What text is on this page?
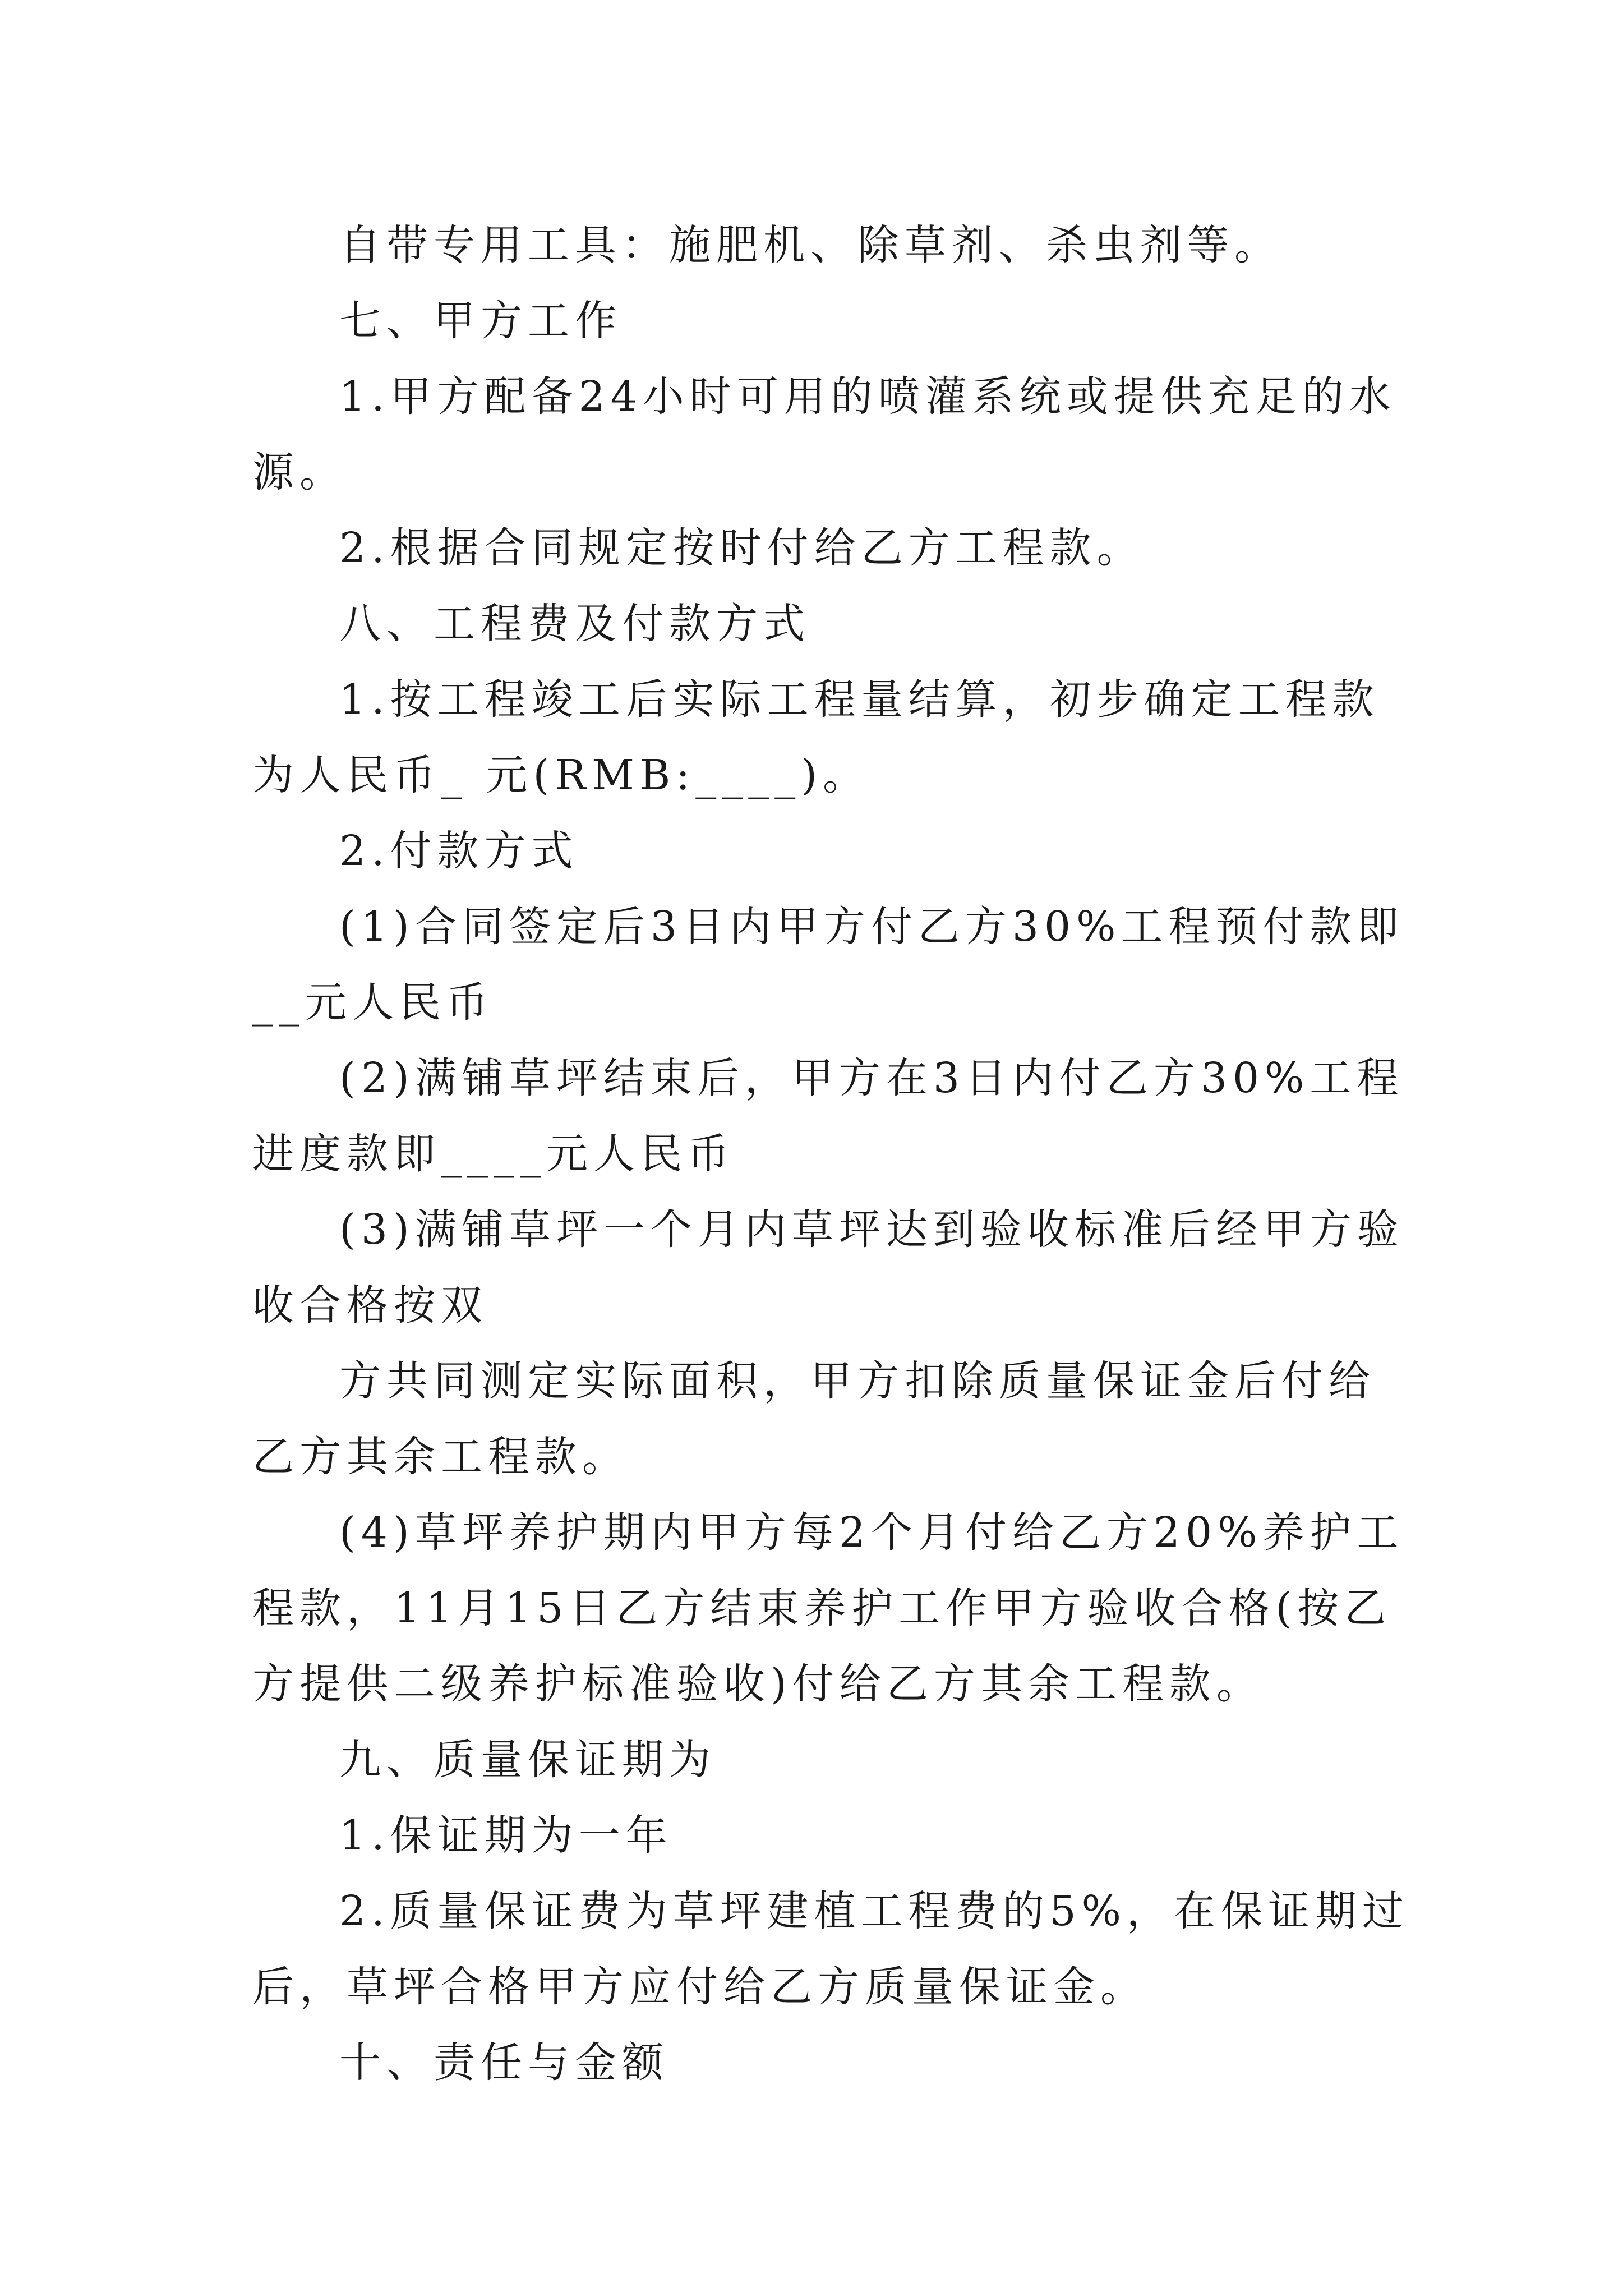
自带专用工具：施肥机、除草剂、杀虫剂等。

七、甲方工作

1.甲方配备24小时可用的喷灌系统或提供充足的水源。

2.根据合同规定按时付给乙方工程款。

八、工程费及付款方式

1.按工程竣工后实际工程量结算，初步确定工程款为人民币_ 元(RMB:____)。

2.付款方式

(1)合同签定后3日内甲方付乙方30%工程预付款即__元人民币

(2)满铺草坪结束后，甲方在3日内付乙方30%工程进度款即____元人民币

(3)满铺草坪一个月内草坪达到验收标准后经甲方验收合格按双

方共同测定实际面积，甲方扣除质量保证金后付给乙方其余工程款。

(4)草坪养护期内甲方每2个月付给乙方20%养护工程款，11月15日乙方结束养护工作甲方验收合格(按乙方提供二级养护标准验收)付给乙方其余工程款。

九、质量保证期为

1.保证期为一年

2.质量保证费为草坪建植工程费的5%，在保证期过后，草坪合格甲方应付给乙方质量保证金。

十、责任与金额
